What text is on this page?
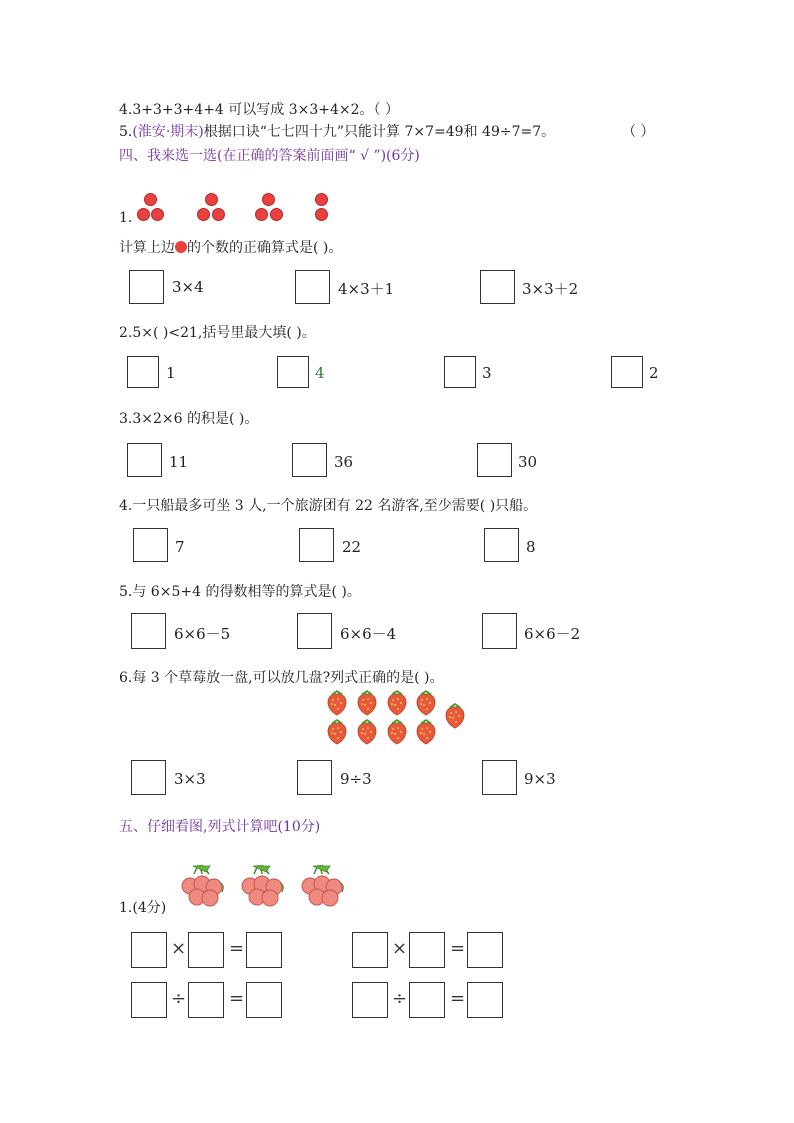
4.3+3+3+4+4 可以写成 3×3+4×2。（ ）
5.(淮安·期末)根据口诀“七七四十九”只能计算 7×7=49和 49÷7=7。	（ ）
四、我来选一选(在正确的答案前面画“ √ ”)(6分)
1.
计算上边 的个数的正确算式是( )。
3×4	4×3＋1	3×3＋2
2.5×( )<21,括号里最大填( )。
1	4	3	2
3.3×2×6 的积是( )。
11	36	30
4.一只船最多可坐 3 人,一个旅游团有 22 名游客,至少需要( )只船。
7	22	8
5.与 6×5+4 的得数相等的算式是( )。
6×6－5	6×6－4	6×6－2
6.每 3 个草莓放一盘,可以放几盘?列式正确的是( )。
3×3	9÷3	9×3
五、仔细看图,列式计算吧(10分)
1.(4分)
× =	× =
÷ =	÷ =
